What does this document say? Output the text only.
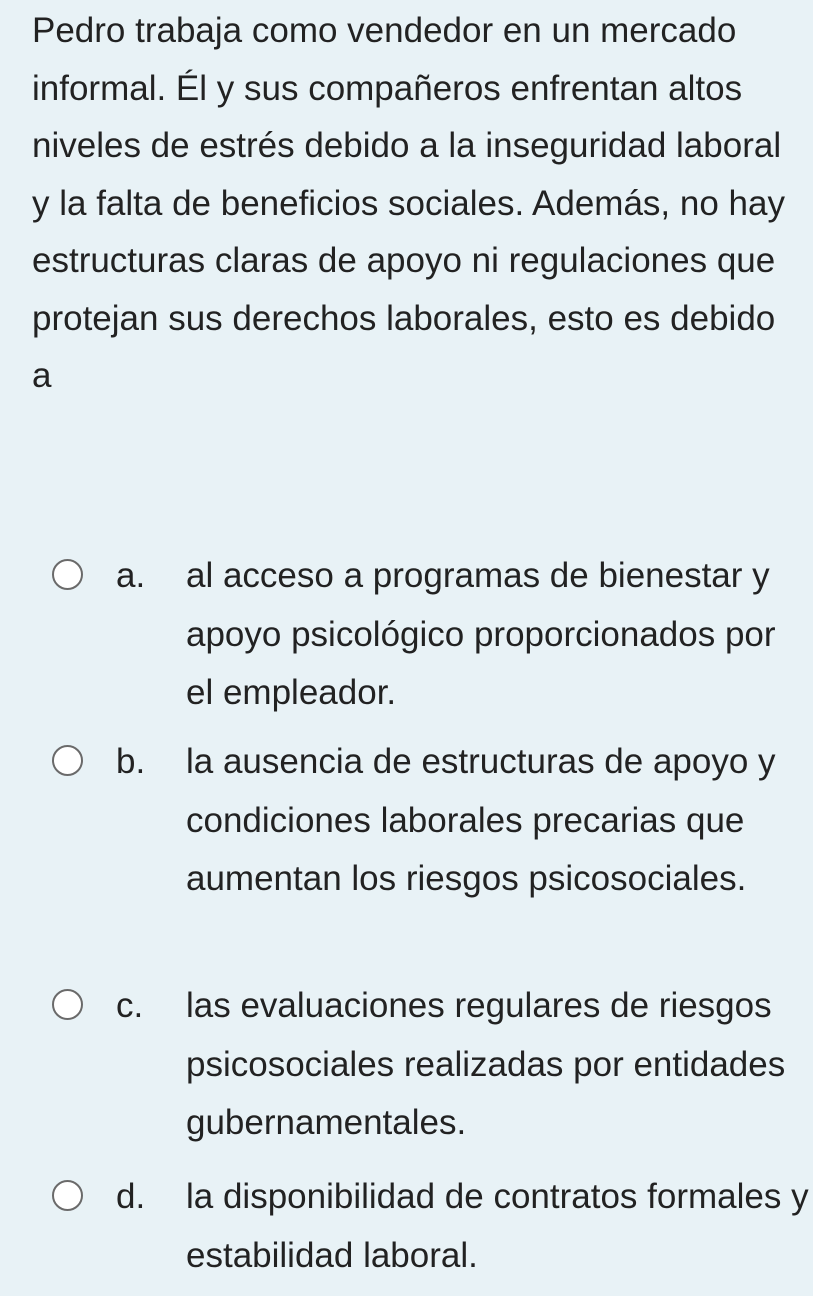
Pedro trabaja como vendedor en un mercado informal. Él y sus compañeros enfrentan altos niveles de estrés debido a la inseguridad laboral y la falta de beneficios sociales. Además, no hay estructuras claras de apoyo ni regulaciones que protejan sus derechos laborales, esto es debido a

a. al acceso a programas de bienestar y apoyo psicológico proporcionados por el empleador.
b. la ausencia de estructuras de apoyo y condiciones laborales precarias que aumentan los riesgos psicosociales.
c. las evaluaciones regulares de riesgos psicosociales realizadas por entidades gubernamentales.
d. la disponibilidad de contratos formales y estabilidad laboral.
